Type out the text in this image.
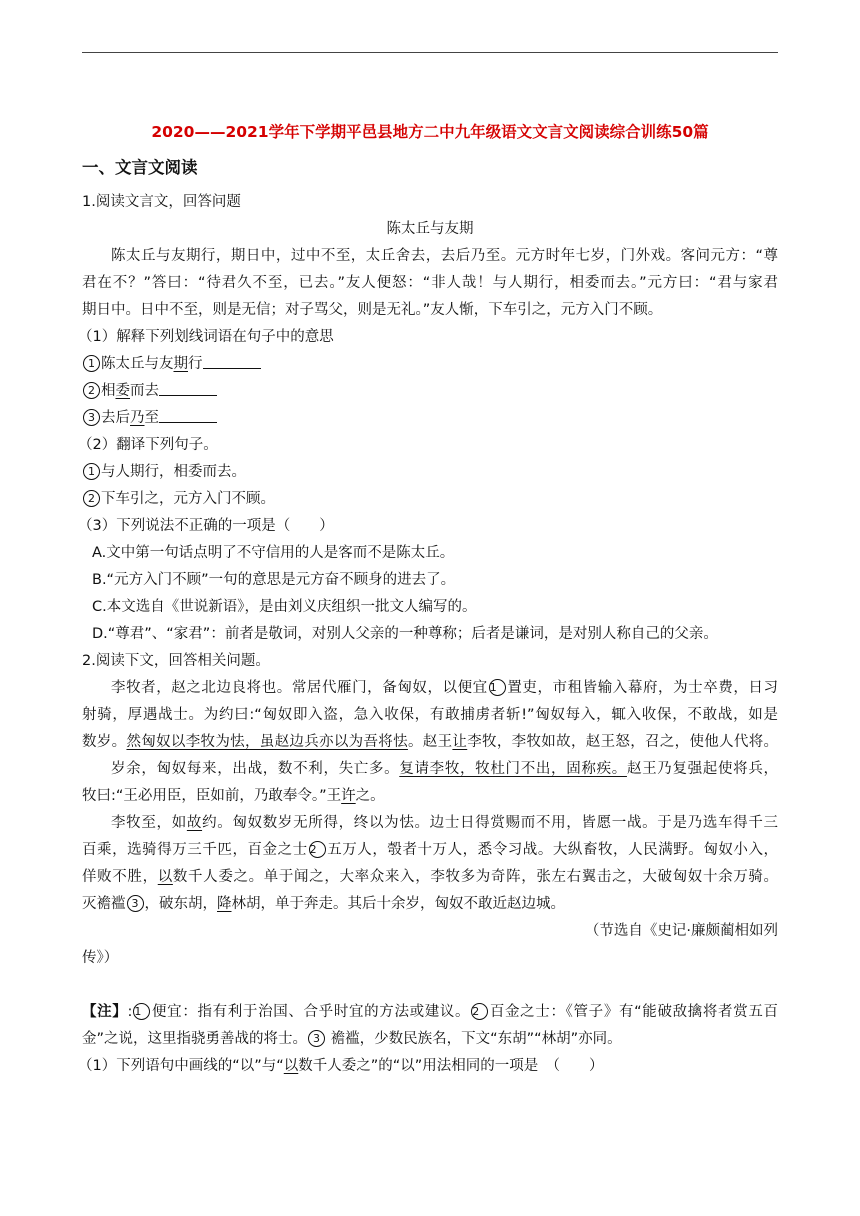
2020——2021学年下学期平邑县地方二中九年级语文文言文阅读综合训练50篇
一、文言文阅读
1.阅读文言文，回答问题
陈太丘与友期
陈太丘与友期行，期日中，过中不至，太丘舍去，去后乃至。元方时年七岁，门外戏。客问元方：“尊
君在不？”答曰：“待君久不至，已去。”友人便怒：“非人哉！与人期行，相委而去。”元方曰：“君与家君
期日中。日中不至，则是无信；对子骂父，则是无礼。”友人惭，下车引之，元方入门不顾。
（1）解释下列划线词语在句子中的意思
1 陈太丘与友期行
2 相委而去
3 去后乃至
（2）翻译下列句子。
1 与人期行，相委而去。
2 下车引之，元方入门不顾。
（3）下列说法不正确的一项是（　　）
A.文中第一句话点明了不守信用的人是客而不是陈太丘。
B.“元方入门不顾”一句的意思是元方奋不顾身的进去了。
C.本文选自《世说新语》，是由刘义庆组织一批文人编写的。
D.“尊君”、“家君”：前者是敬词，对别人父亲的一种尊称；后者是谦词，是对别人称自己的父亲。
2.阅读下文，回答相关问题。
李牧者，赵之北边良将也。常居代雁门，备匈奴，以便宜 1 置吏，市租皆输入幕府，为士卒费，日习
射骑，厚遇战士。为约曰:“匈奴即入盗，急入收保，有敢捕虏者斩!”匈奴每入，辄入收保，不敢战，如是
数岁。然匈奴以李牧为怯，虽赵边兵亦以为吾将怯。赵王让李牧，李牧如故，赵王怒，召之，使他人代将。
岁余，匈奴每来，出战，数不利，失亡多。复请李牧，牧杜门不出，固称疾。赵王乃复强起使将兵，
牧曰:“王必用臣，臣如前，乃敢奉令。”王许之。
李牧至，如故约。匈奴数岁无所得，终以为怯。边士日得赏赐而不用，皆愿一战。于是乃选车得千三
百乘，选骑得万三千匹，百金之士 2 五万人，彀者十万人，悉令习战。大纵畜牧，人民满野。匈奴小入，
佯败不胜，以数千人委之。单于闻之，大率众来入，李牧多为奇阵，张左右翼击之，大破匈奴十余万骑。
灭襜褴 3 ，破东胡，降林胡，单于奔走。其后十余岁，匈奴不敢近赵边城。
（节选自《史记·廉颇蔺相如列
传》）
【注】: 1 便宜：指有利于治国、合乎时宜的方法或建议。 2 百金之士：《管子》有“能破敌擒将者赏五百
金”之说，这里指骁勇善战的将士。 3 襜褴，少数民族名，下文“东胡”“林胡”亦同。
（1）下列语句中画线的“以”与“以数千人委之”的“以”用法相同的一项是　（　　）
